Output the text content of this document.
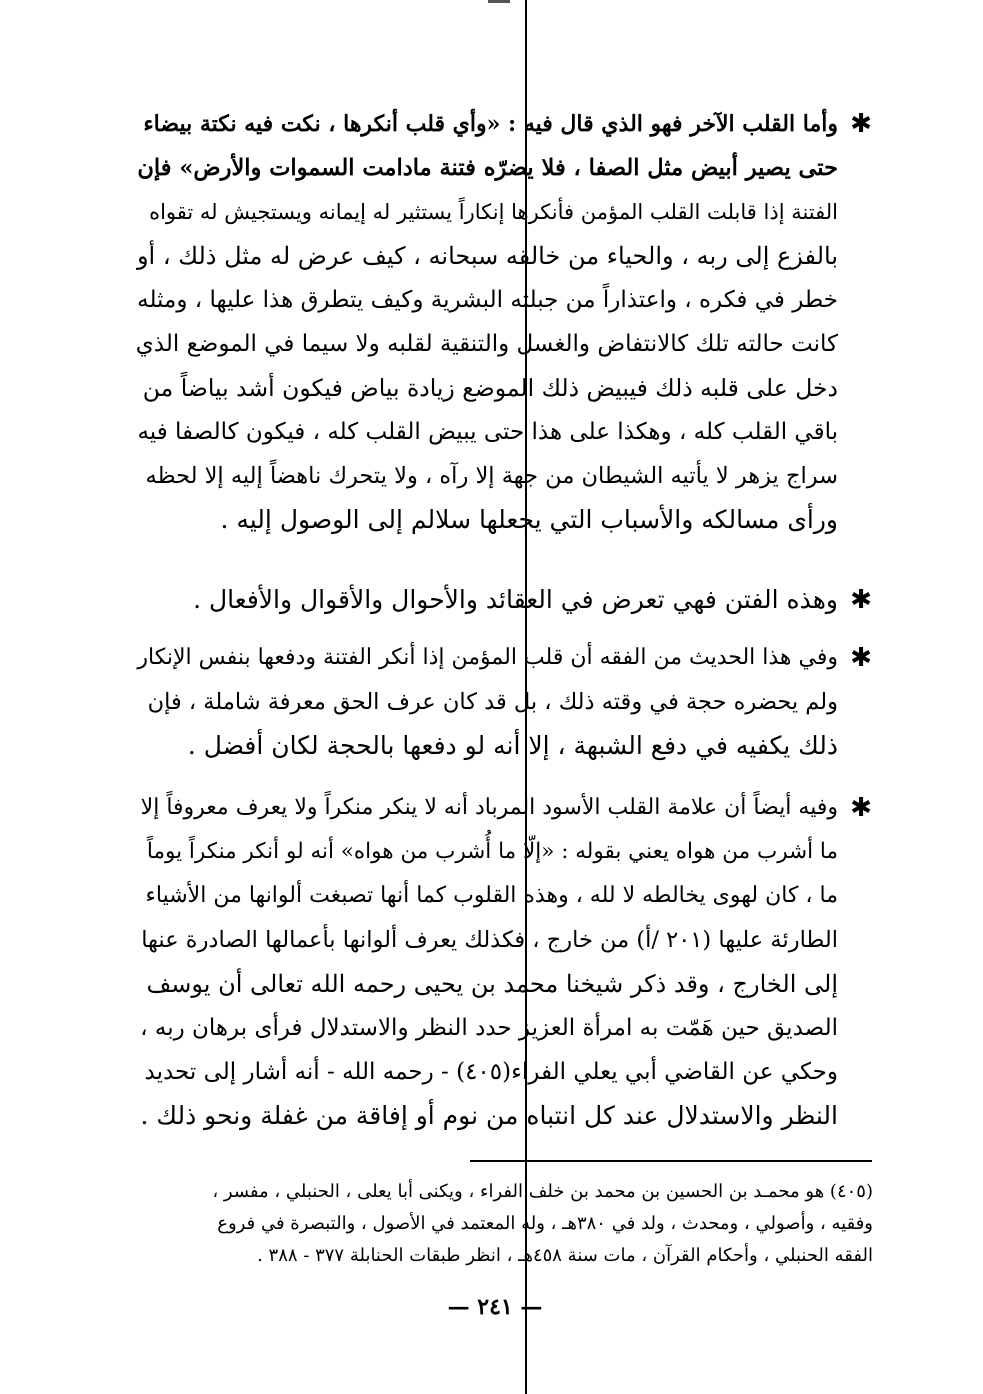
✱
وأما القلب الآخر فهو الذي قال فيه : «وأي قلب أنكرها ، نكت فيه نكتة بيضاء
حتى يصير أبيض مثل الصفا ، فلا يضرّه فتنة مادامت السموات والأرض» فإن
الفتنة إذا قابلت القلب المؤمن فأنكرها إنكاراً يستثير له إيمانه ويستجيش له تقواه
بالفزع إلى ربه ، والحياء من خالقه سبحانه ، كيف عرض له مثل ذلك ، أو
خطر في فكره ، واعتذاراً من جبلته البشرية وكيف يتطرق هذا عليها ، ومثله
كانت حالته تلك كالانتفاض والغسل والتنقية لقلبه ولا سيما في الموضع الذي
دخل على قلبه ذلك فيبيض ذلك الموضع زيادة بياض فيكون أشد بياضاً من
باقي القلب كله ، وهكذا على هذا حتى يبيض القلب كله ، فيكون كالصفا فيه
سراج يزهر لا يأتيه الشيطان من جهة إلا رآه ، ولا يتحرك ناهضاً إليه إلا لحظه
ورأى مسالكه والأسباب التي يجعلها سلالم إلى الوصول إليه .
✱
وهذه الفتن فهي تعرض في العقائد والأحوال والأقوال والأفعال .
✱
وفي هذا الحديث من الفقه أن قلب المؤمن إذا أنكر الفتنة ودفعها بنفس الإنكار
ولم يحضره حجة في وقته ذلك ، بل قد كان عرف الحق معرفة شاملة ، فإن
ذلك يكفيه في دفع الشبهة ، إلا أنه لو دفعها بالحجة لكان أفضل .
✱
وفيه أيضاً أن علامة القلب الأسود المرباد أنه لا ينكر منكراً ولا يعرف معروفاً إلا
ما أشرب من هواه يعني بقوله : «إلّا ما أُشرب من هواه» أنه لو أنكر منكراً يوماً
ما ، كان لهوى يخالطه لا لله ، وهذه القلوب كما أنها تصبغت ألوانها من الأشياء
الطارئة عليها (٢٠١ /أ) من خارج ، فكذلك يعرف ألوانها بأعمالها الصادرة عنها
إلى الخارج ، وقد ذكر شيخنا محمد بن يحيى رحمه الله تعالى أن يوسف
الصديق حين هَمّت به امرأة العزيز حدد النظر والاستدلال فرأى برهان ربه ،
وحكي عن القاضي أبي يعلي الفراء(٤٠٥) - رحمه الله - أنه أشار إلى تحديد
النظر والاستدلال عند كل انتباه من نوم أو إفاقة من غفلة ونحو ذلك .
(٤٠٥) هو محمـد بن الحسين بن محمد بن خلف الفراء ، ويكنى أبا يعلى ، الحنبلي ، مفسر ،
وفقيه ، وأصولي ، ومحدث ، ولد في ٣٨٠هـ ، وله المعتمد في الأصول ، والتبصرة في فروع
الفقه الحنبلي ، وأحكام القرآن ، مات سنة ٤٥٨هـ ، انظر طبقات الحنابلة ٣٧٧ - ٣٨٨ .
— ٢٤١ —
